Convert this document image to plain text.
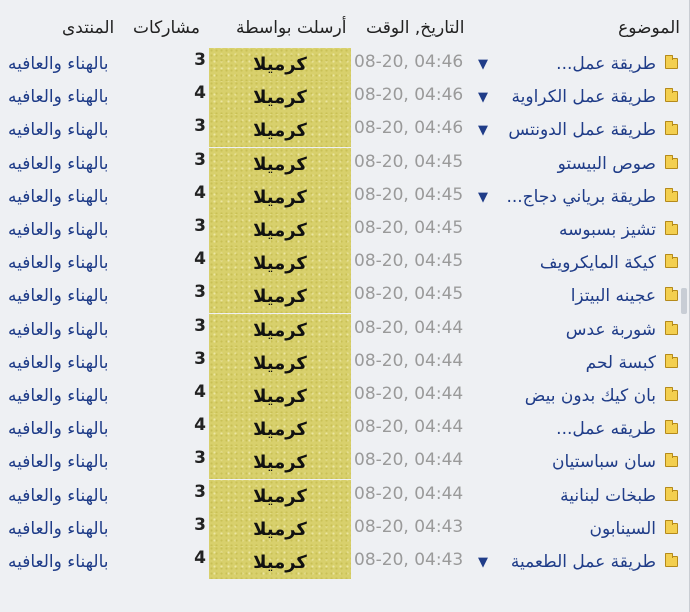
الموضوع
التاريخ, الوقت
أرسلت بواسطة
مشاركات
المنتدى
طريقة عمل...
▼
08-20, 04:46
كرميلا
3
بالهناء والعافيه
طريقة عمل الكراوية
▼
08-20, 04:46
كرميلا
4
بالهناء والعافيه
طريقة عمل الدونتس
▼
08-20, 04:46
كرميلا
3
بالهناء والعافيه
صوص البيستو
08-20, 04:45
كرميلا
3
بالهناء والعافيه
طريقة برياني دجاج...
▼
08-20, 04:45
كرميلا
4
بالهناء والعافيه
تشيز بسبوسه
08-20, 04:45
كرميلا
3
بالهناء والعافيه
كيكة المايكرويف
08-20, 04:45
كرميلا
4
بالهناء والعافيه
عجينه البيتزا
08-20, 04:45
كرميلا
3
بالهناء والعافيه
شوربة عدس
08-20, 04:44
كرميلا
3
بالهناء والعافيه
كبسة لحم
08-20, 04:44
كرميلا
3
بالهناء والعافيه
بان كيك بدون بيض
08-20, 04:44
كرميلا
4
بالهناء والعافيه
طريقه عمل...
08-20, 04:44
كرميلا
4
بالهناء والعافيه
سان سباستيان
08-20, 04:44
كرميلا
3
بالهناء والعافيه
طبخات لبنانية
08-20, 04:44
كرميلا
3
بالهناء والعافيه
السينابون
08-20, 04:43
كرميلا
3
بالهناء والعافيه
طريقة عمل الطعمية
▼
08-20, 04:43
كرميلا
4
بالهناء والعافيه
